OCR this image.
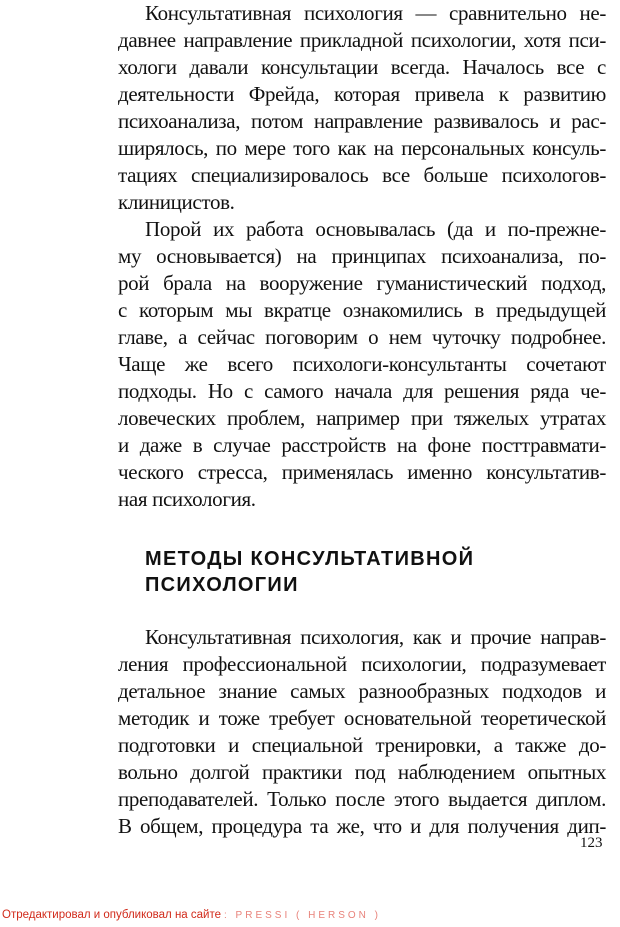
Консультативная психология — сравнительно не-
давнее направление прикладной психологии, хотя пси-
хологи давали консультации всегда. Началось все с
деятельности Фрейда, которая привела к развитию
психоанализа, потом направление развивалось и рас-
ширялось, по мере того как на персональных консуль-
тациях специализировалось все больше психологов-
клиницистов.
Порой их работа основывалась (да и по-прежне-
му основывается) на принципах психоанализа, по-
рой брала на вооружение гуманистический подход,
с которым мы вкратце ознакомились в предыдущей
главе, а сейчас поговорим о нем чуточку подробнее.
Чаще же всего психологи-консультанты сочетают
подходы. Но с самого начала для решения ряда че-
ловеческих проблем, например при тяжелых утратах
и даже в случае расстройств на фоне посттравмати-
ческого стресса, применялась именно консультатив-
ная психология.
МЕТОДЫ КОНСУЛЬТАТИВНОЙ
ПСИХОЛОГИИ
Консультативная психология, как и прочие направ-
ления профессиональной психологии, подразумевает
детальное знание самых разнообразных подходов и
методик и тоже требует основательной теоретической
подготовки и специальной тренировки, а также до-
вольно долгой практики под наблюдением опытных
преподавателей. Только после этого выдается диплом.
В общем, процедура та же, что и для получения дип-
123
Отредактировал и опубликовал на сайте : PRESSI ( HERSON )
